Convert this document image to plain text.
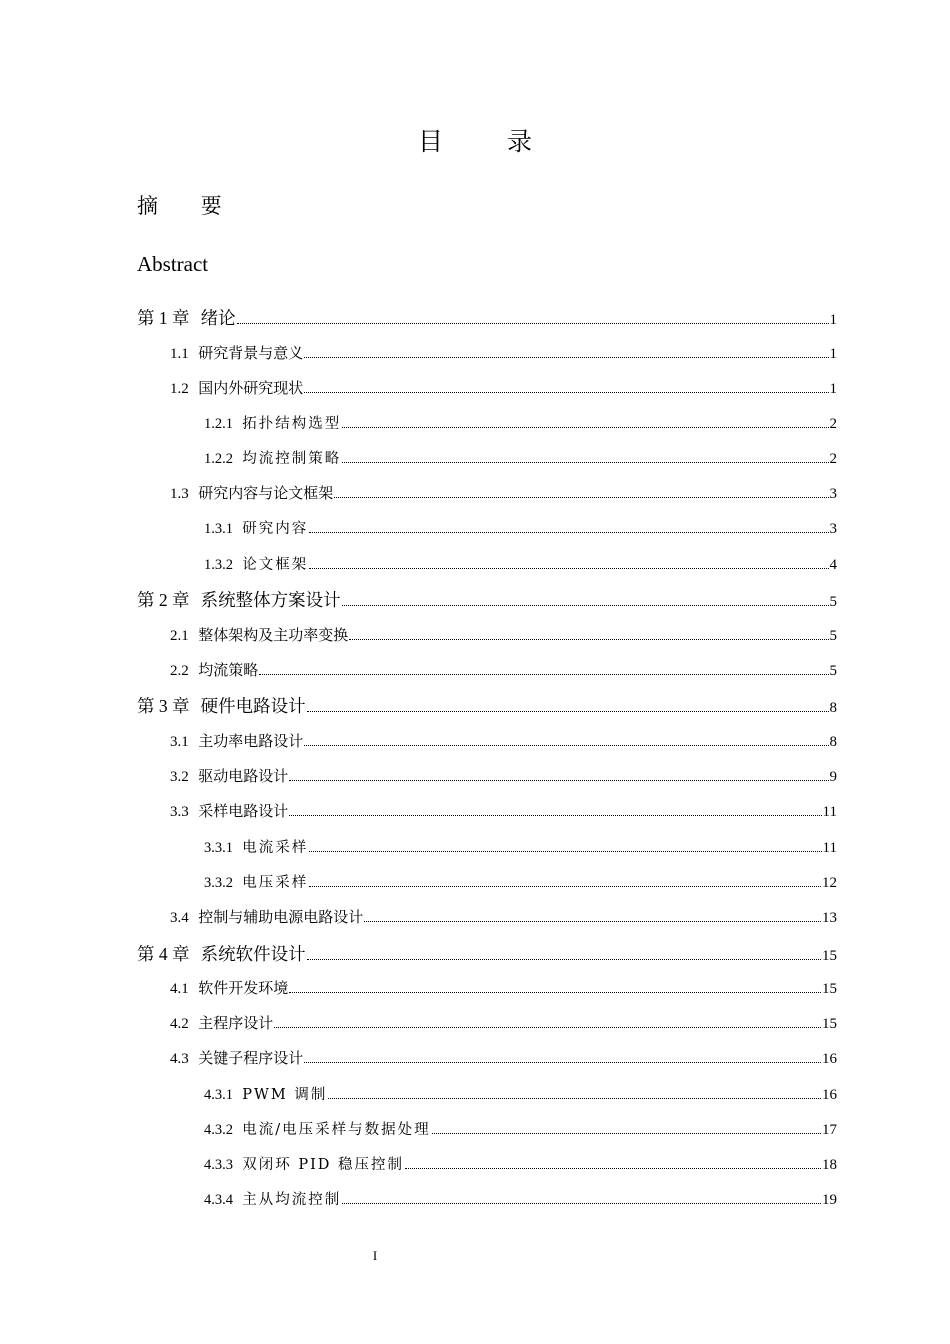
目 录
摘 要
Abstract
第 1 章 绪论	1
1.1 研究背景与意义	1
1.2 国内外研究现状	1
1.2.1 拓扑结构选型	2
1.2.2 均流控制策略	2
1.3 研究内容与论文框架	3
1.3.1 研究内容	3
1.3.2 论文框架	4
第 2 章 系统整体方案设计	5
2.1 整体架构及主功率变换	5
2.2 均流策略	5
第 3 章 硬件电路设计	8
3.1 主功率电路设计	8
3.2 驱动电路设计	9
3.3 采样电路设计	11
3.3.1 电流采样	11
3.3.2 电压采样	12
3.4 控制与辅助电源电路设计	13
第 4 章 系统软件设计	15
4.1 软件开发环境	15
4.2 主程序设计	15
4.3 关键子程序设计	16
4.3.1 PWM 调制	16
4.3.2 电流/电压采样与数据处理	17
4.3.3 双闭环 PID 稳压控制	18
4.3.4 主从均流控制	19
I
